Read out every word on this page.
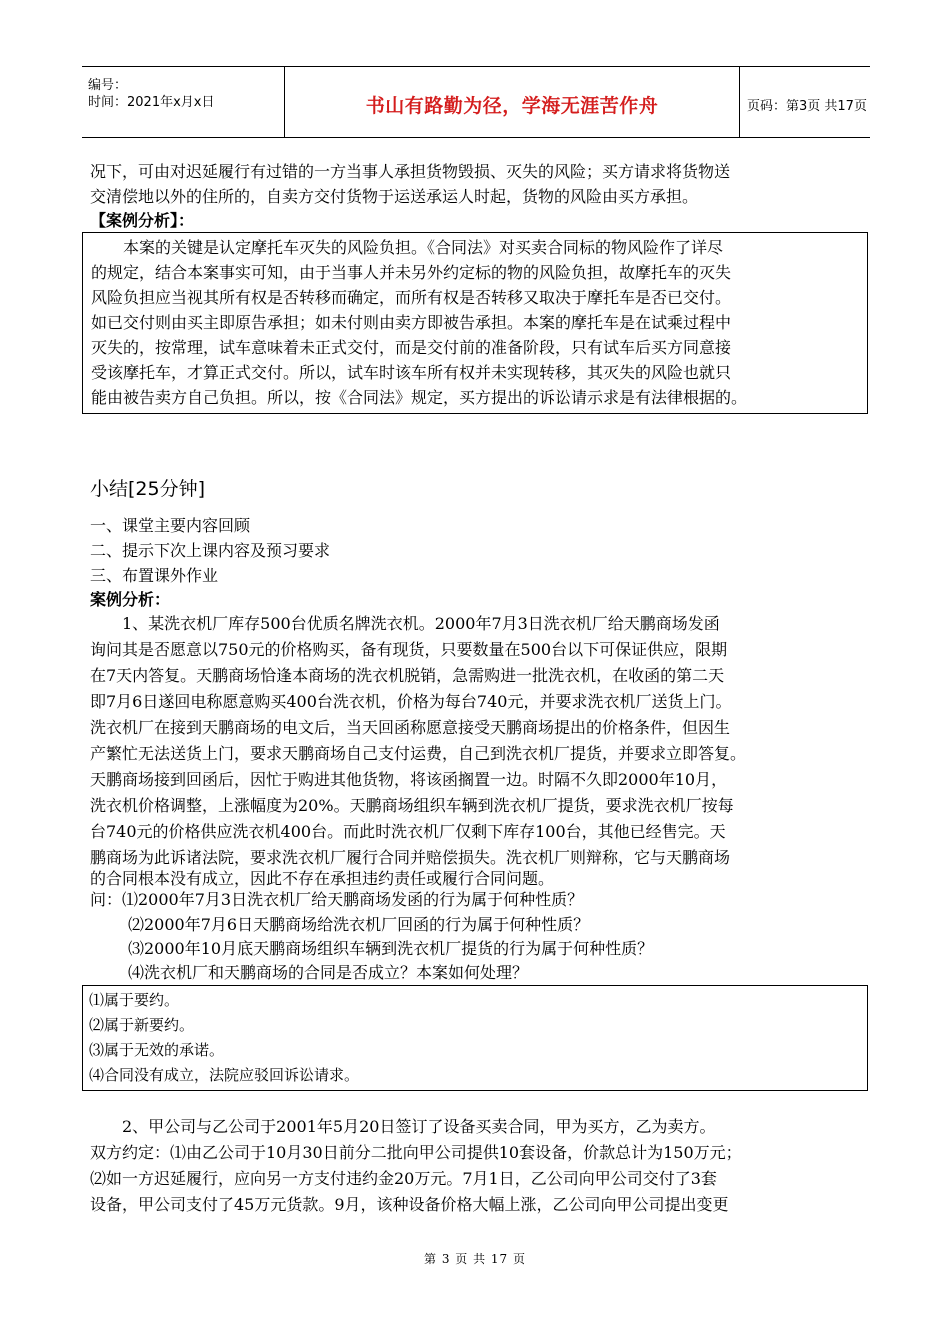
编号：
时间：2021年x月x日	书山有路勤为径，学海无涯苦作舟	页码：第3页 共17页
况下，可由对迟延履行有过错的一方当事人承担货物毁损、灭失的风险；买方请求将货物送
交清偿地以外的住所的，自卖方交付货物于运送承运人时起，货物的风险由买方承担。
【案例分析】：
本案的关键是认定摩托车灭失的风险负担。《合同法》对买卖合同标的物风险作了详尽
的规定，结合本案事实可知，由于当事人并未另外约定标的物的风险负担，故摩托车的灭失
风险负担应当视其所有权是否转移而确定，而所有权是否转移又取决于摩托车是否已交付。
如已交付则由买主即原告承担；如未付则由卖方即被告承担。本案的摩托车是在试乘过程中
灭失的，按常理，试车意味着未正式交付，而是交付前的准备阶段，只有试车后买方同意接
受该摩托车，才算正式交付。所以，试车时该车所有权并未实现转移，其灭失的风险也就只
能由被告卖方自己负担。所以，按《合同法》规定，买方提出的诉讼请示求是有法律根据的。
小结[25分钟]
一、课堂主要内容回顾
二、提示下次上课内容及预习要求
三、布置课外作业
案例分析：
1、某洗衣机厂库存500台优质名牌洗衣机。2000年7月3日洗衣机厂给天鹏商场发函
询问其是否愿意以750元的价格购买，备有现货，只要数量在500台以下可保证供应，限期
在7天内答复。天鹏商场恰逢本商场的洗衣机脱销，急需购进一批洗衣机，在收函的第二天
即7月6日遂回电称愿意购买400台洗衣机，价格为每台740元，并要求洗衣机厂送货上门。
洗衣机厂在接到天鹏商场的电文后，当天回函称愿意接受天鹏商场提出的价格条件，但因生
产繁忙无法送货上门，要求天鹏商场自己支付运费，自己到洗衣机厂提货，并要求立即答复。
天鹏商场接到回函后，因忙于购进其他货物，将该函搁置一边。时隔不久即2000年10月，
洗衣机价格调整，上涨幅度为20%。天鹏商场组织车辆到洗衣机厂提货，要求洗衣机厂按每
台740元的价格供应洗衣机400台。而此时洗衣机厂仅剩下库存100台，其他已经售完。天
鹏商场为此诉诸法院，要求洗衣机厂履行合同并赔偿损失。洗衣机厂则辩称，它与天鹏商场
的合同根本没有成立，因此不存在承担违约责任或履行合同问题。
问：⑴2000年7月3日洗衣机厂给天鹏商场发函的行为属于何种性质？
⑵2000年7月6日天鹏商场给洗衣机厂回函的行为属于何种性质？
⑶2000年10月底天鹏商场组织车辆到洗衣机厂提货的行为属于何种性质？
⑷洗衣机厂和天鹏商场的合同是否成立？本案如何处理？
⑴属于要约。
⑵属于新要约。
⑶属于无效的承诺。
⑷合同没有成立，法院应驳回诉讼请求。
2、甲公司与乙公司于2001年5月20日签订了设备买卖合同，甲为买方，乙为卖方。
双方约定：⑴由乙公司于10月30日前分二批向甲公司提供10套设备，价款总计为150万元；
⑵如一方迟延履行，应向另一方支付违约金20万元。7月1日，乙公司向甲公司交付了3套
设备，甲公司支付了45万元货款。9月，该种设备价格大幅上涨，乙公司向甲公司提出变更
第 3 页 共 17 页
